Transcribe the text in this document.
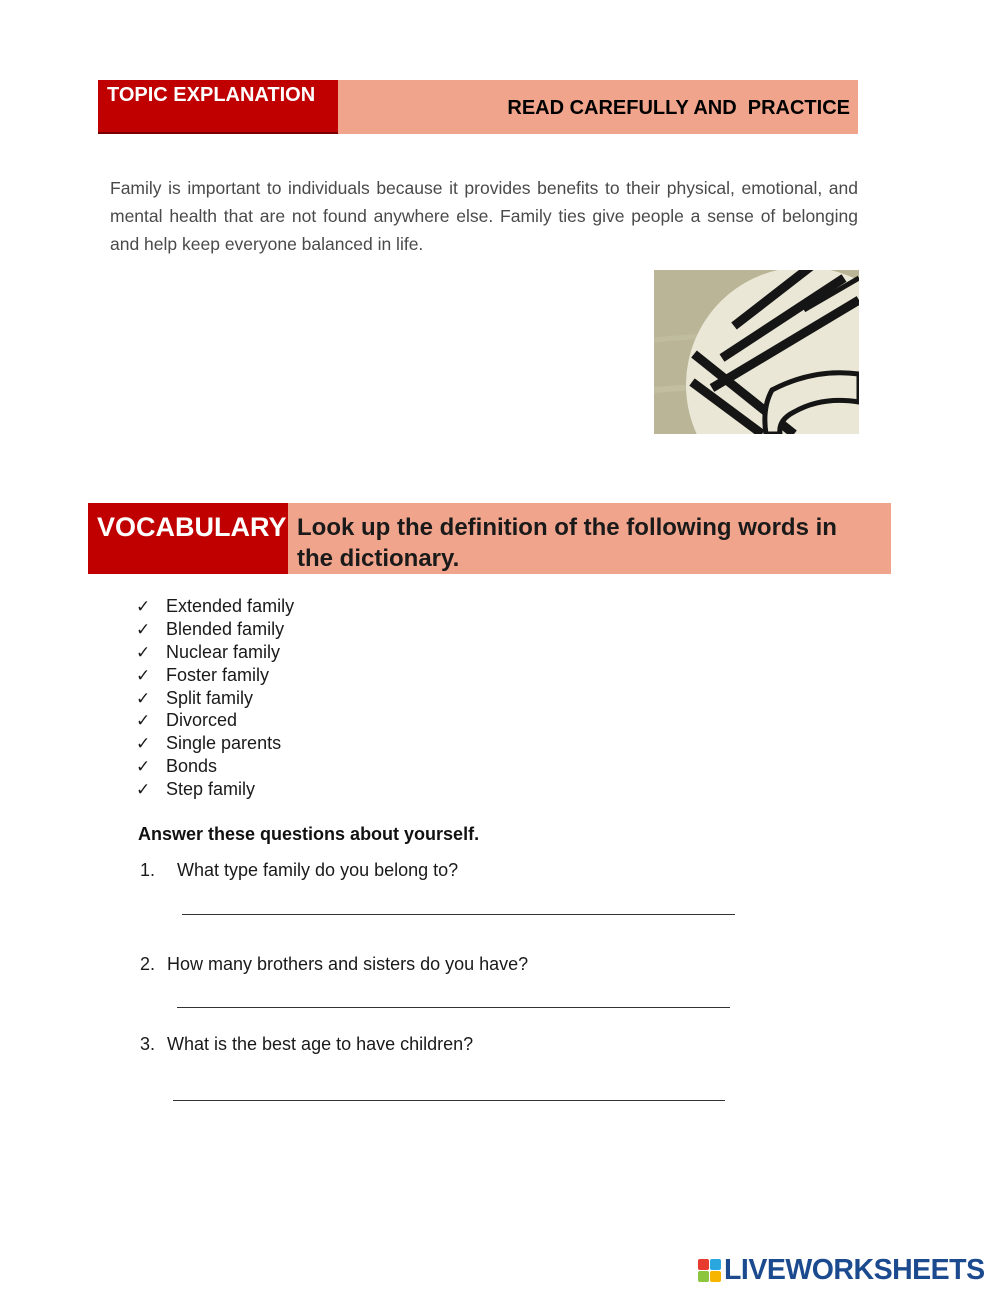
TOPIC EXPLANATION
READ CAREFULLY AND  PRACTICE

Family is important to individuals because it provides benefits to their physical, emotional, and mental health that are not found anywhere else. Family ties give people a sense of belonging and help keep everyone balanced in life.

VOCABULARY Look up the definition of the following words in the dictionary.
✓ Extended family
✓ Blended family
✓ Nuclear family
✓ Foster family
✓ Split family
✓ Divorced
✓ Single parents
✓ Bonds
✓ Step family
Answer these questions about yourself.
1. What type family do you belong to?
2. How many brothers and sisters do you have?
3. What is the best age to have children?
LIVEWORKSHEETS
